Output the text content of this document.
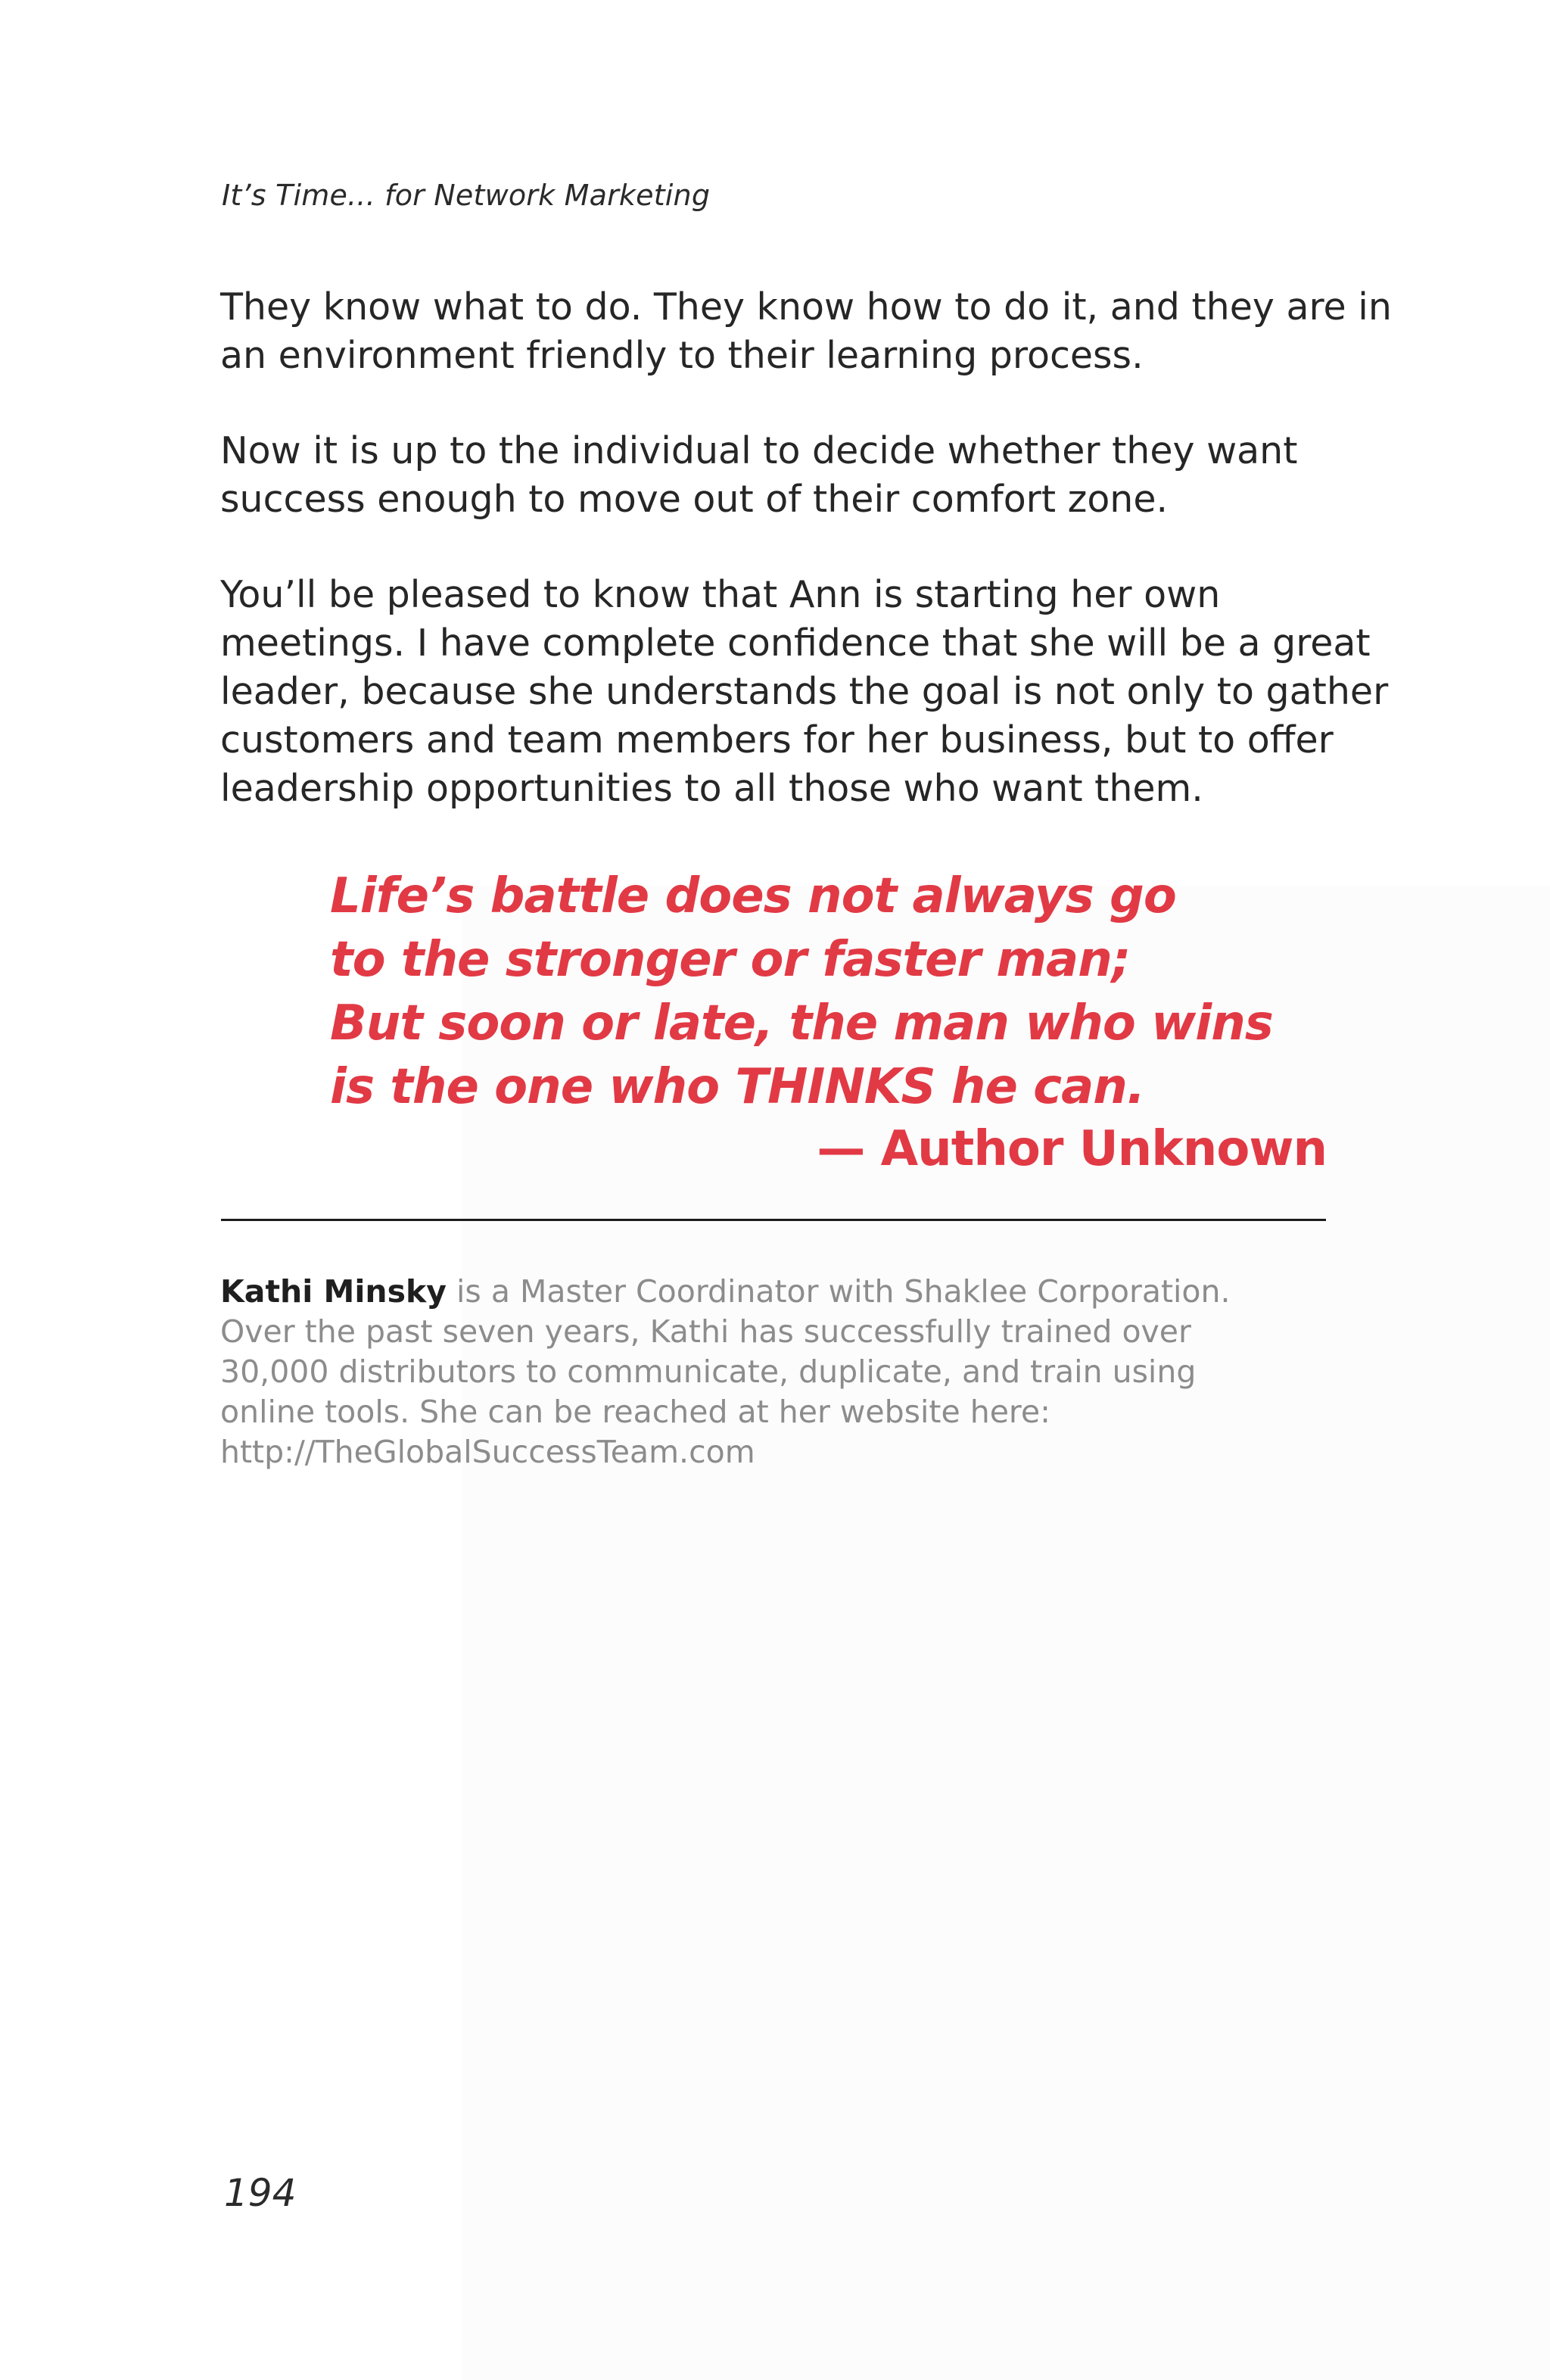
It’s Time... for Network Marketing

They know what to do. They know how to do it, and they are in
an environment friendly to their learning process.

Now it is up to the individual to decide whether they want
success enough to move out of their comfort zone.

You’ll be pleased to know that Ann is starting her own
meetings. I have complete confidence that she will be a great
leader, because she understands the goal is not only to gather
customers and team members for her business, but to offer
leadership opportunities to all those who want them.

Life’s battle does not always go
to the stronger or faster man;
But soon or late, the man who wins
is the one who THINKS he can.
— Author Unknown
Kathi Minsky is a Master Coordinator with Shaklee Corporation.
Over the past seven years, Kathi has successfully trained over
30,000 distributors to communicate, duplicate, and train using
online tools. She can be reached at her website here:
http://TheGlobalSuccessTeam.com
194
